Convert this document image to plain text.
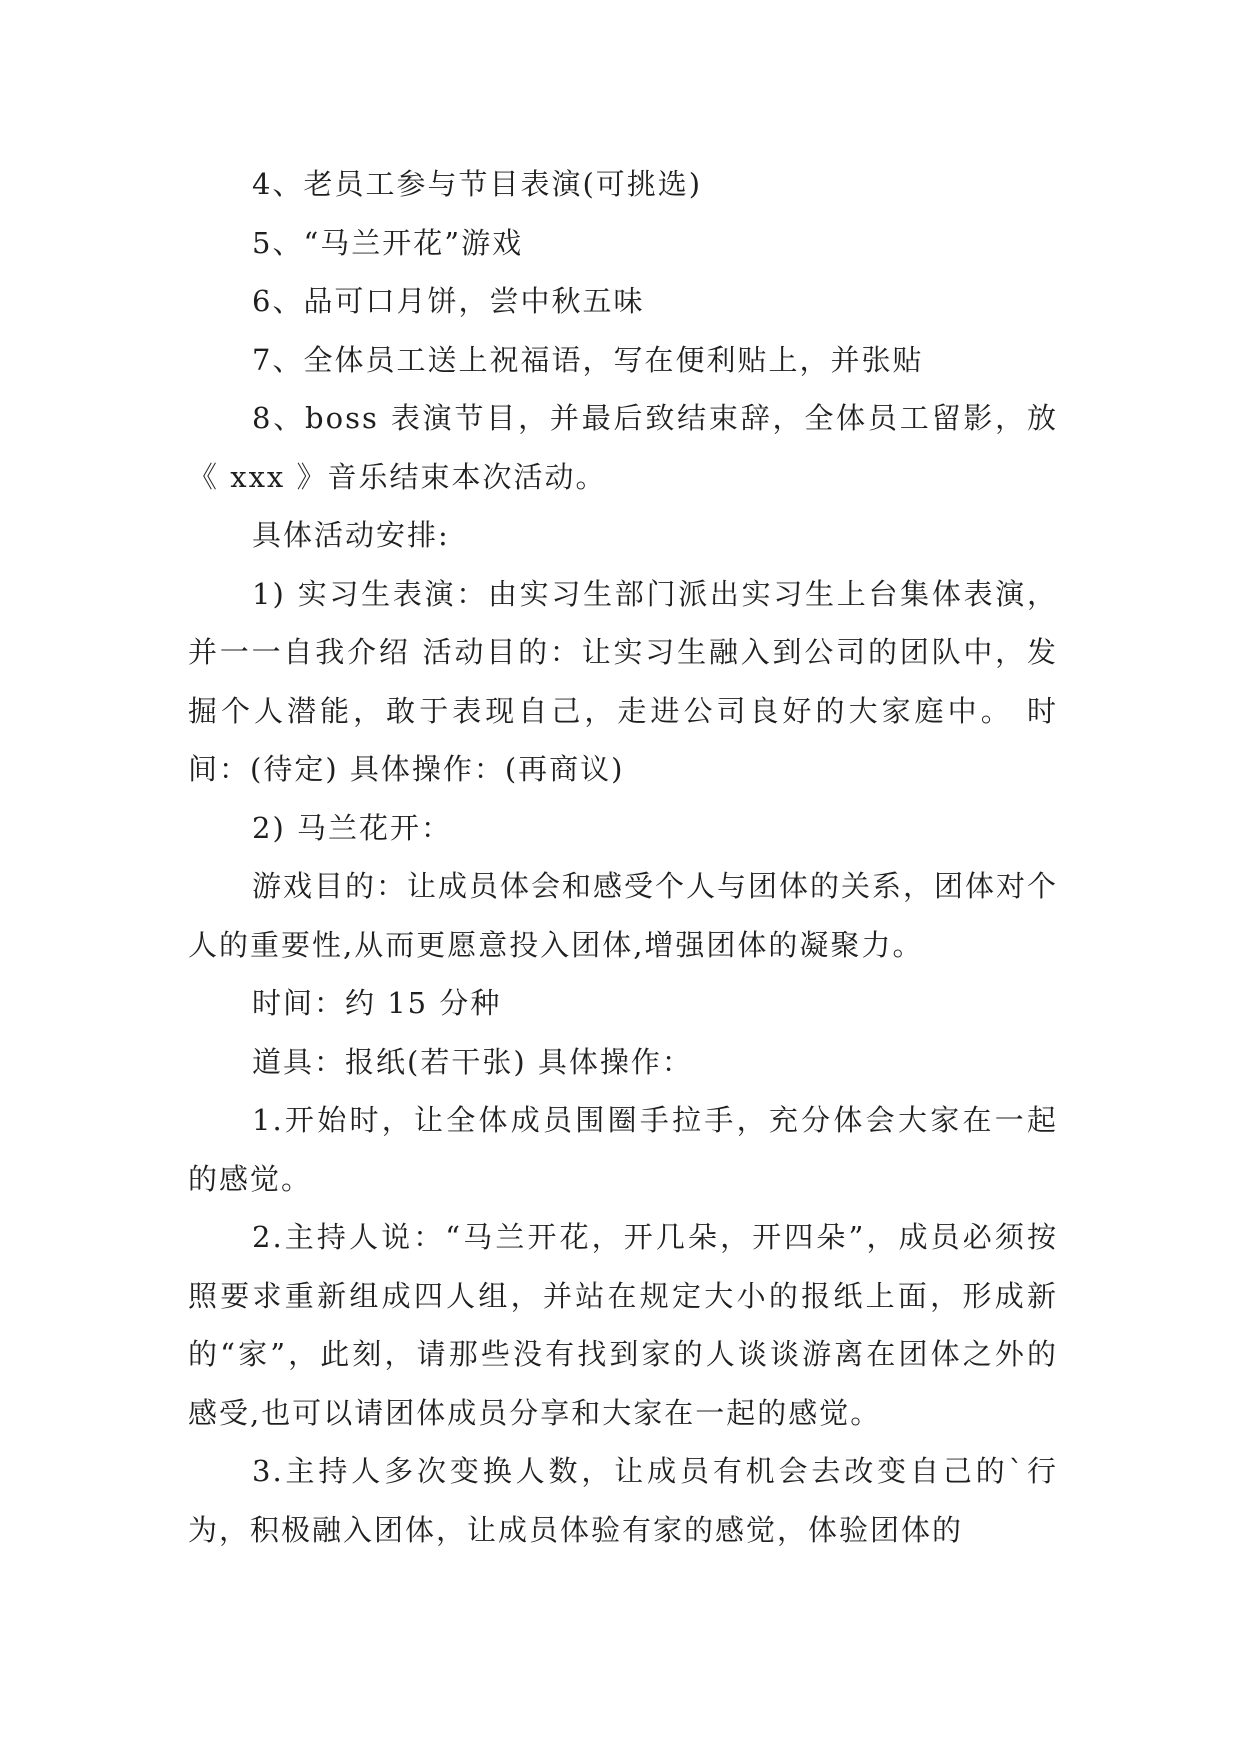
4、老员工参与节目表演(可挑选)

5、“马兰开花”游戏

6、品可口月饼，尝中秋五味

7、全体员工送上祝福语，写在便利贴上，并张贴

8、boss 表演节目，并最后致结束辞，全体员工留影，放《 xxx 》音乐结束本次活动。

具体活动安排:

1) 实习生表演：由实习生部门派出实习生上台集体表演，并一一自我介绍 活动目的：让实习生融入到公司的团队中，发掘个人潜能，敢于表现自己，走进公司良好的大家庭中。 时间：(待定) 具体操作：(再商议)

2) 马兰花开：

游戏目的：让成员体会和感受个人与团体的关系，团体对个人的重要性,从而更愿意投入团体,增强团体的凝聚力。

时间：约 15 分种

道具：报纸(若干张) 具体操作：

1.开始时，让全体成员围圈手拉手，充分体会大家在一起的感觉。

2.主持人说：“马兰开花，开几朵，开四朵”，成员必须按照要求重新组成四人组，并站在规定大小的报纸上面，形成新的“家”，此刻，请那些没有找到家的人谈谈游离在团体之外的感受,也可以请团体成员分享和大家在一起的感觉。

3.主持人多次变换人数，让成员有机会去改变自己的`行为，积极融入团体，让成员体验有家的感觉，体验团体的
